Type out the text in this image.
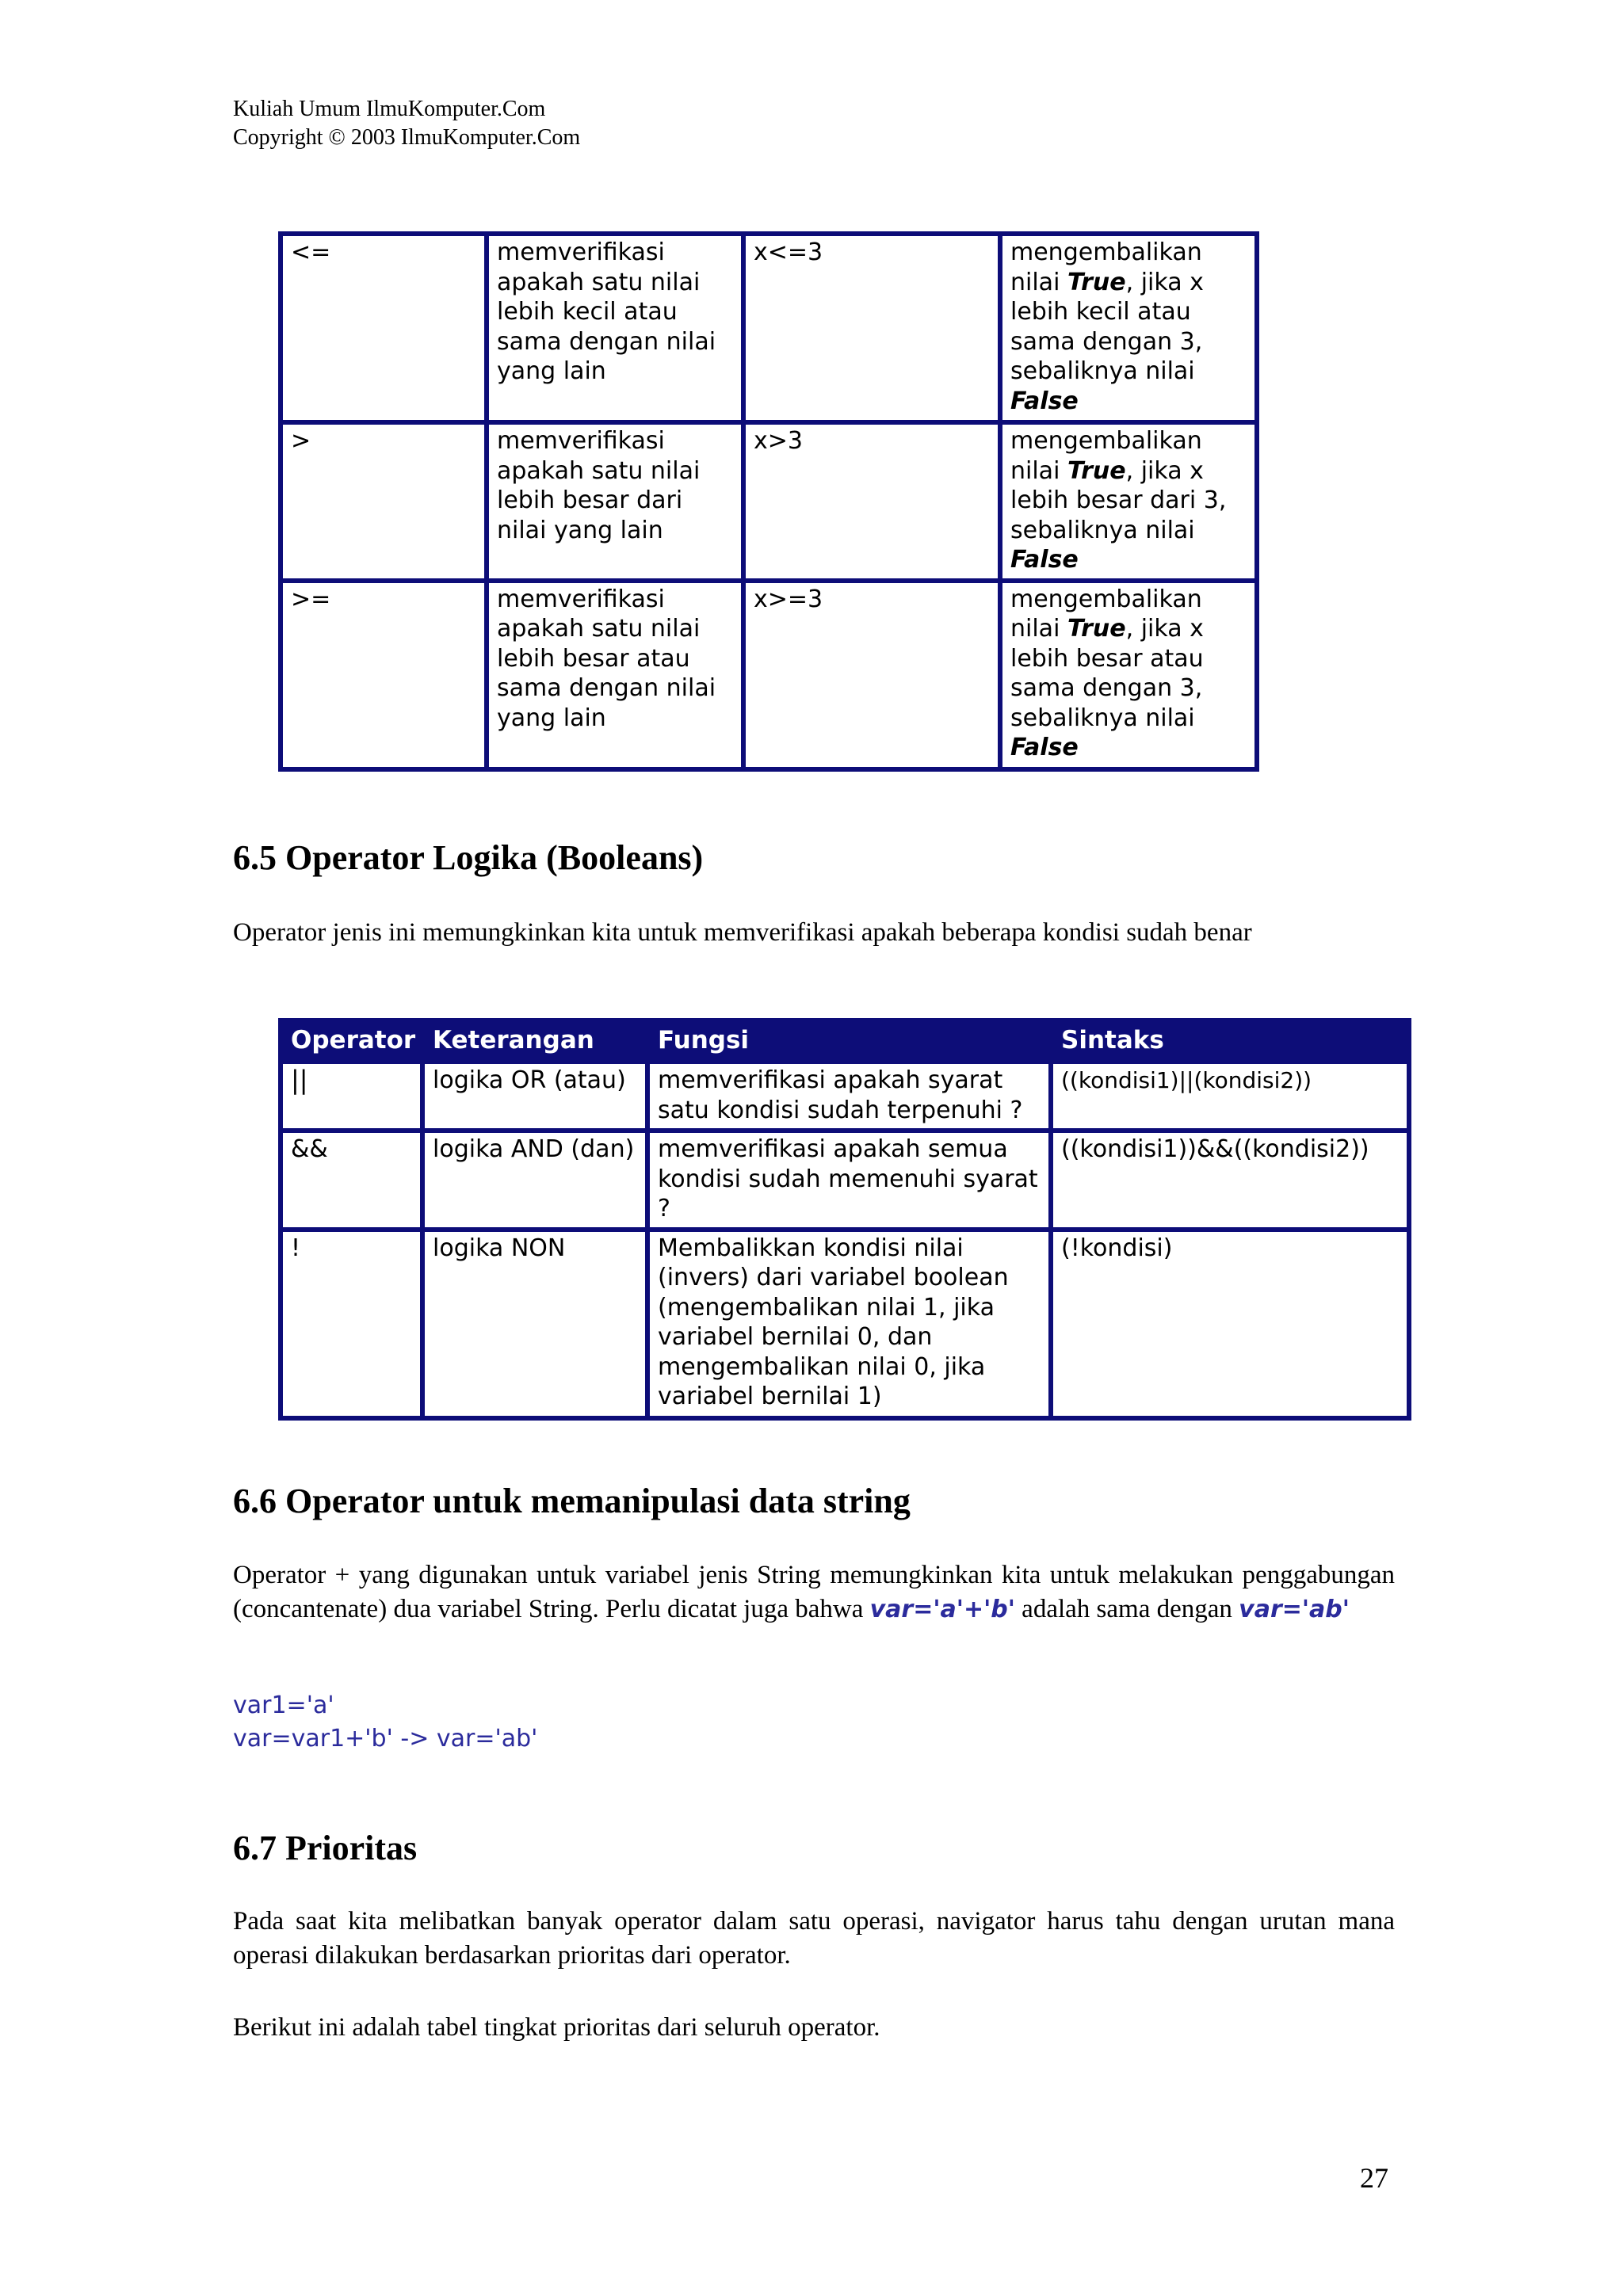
Kuliah Umum IlmuKomputer.Com
Copyright © 2003 IlmuKomputer.Com
<=	memverifikasi apakah satu nilai lebih kecil atau sama dengan nilai yang lain	x<=3	mengembalikan nilai True, jika x lebih kecil atau sama dengan 3, sebaliknya nilai False
>	memverifikasi apakah satu nilai lebih besar dari nilai yang lain	x>3	mengembalikan nilai True, jika x lebih besar dari 3, sebaliknya nilai False
>=	memverifikasi apakah satu nilai lebih besar atau sama dengan nilai yang lain	x>=3	mengembalikan nilai True, jika x lebih besar atau sama dengan 3, sebaliknya nilai False
6.5 Operator Logika (Booleans)

Operator jenis ini memungkinkan kita untuk memverifikasi apakah beberapa kondisi sudah benar

Operator	Keterangan	Fungsi	Sintaks
||	logika OR (atau)	memverifikasi apakah syarat satu kondisi sudah terpenuhi ?	((kondisi1)||(kondisi2))
&&	logika AND (dan)	memverifikasi apakah semua kondisi sudah memenuhi syarat ?	((kondisi1))&&((kondisi2))
!	logika NON	Membalikkan kondisi nilai (invers) dari variabel boolean (mengembalikan nilai 1, jika variabel bernilai 0, dan mengembalikan nilai 0, jika variabel bernilai 1)	(!kondisi)
6.6 Operator untuk memanipulasi data string

Operator + yang digunakan untuk variabel jenis String memungkinkan kita untuk melakukan penggabungan (concantenate) dua variabel String. Perlu dicatat juga bahwa var='a'+'b' adalah sama dengan var='ab'

var1='a'
var=var1+'b' -> var='ab'
6.7 Prioritas

Pada saat kita melibatkan banyak operator dalam satu operasi, navigator harus tahu dengan urutan mana operasi dilakukan berdasarkan prioritas dari operator.

Berikut ini adalah tabel tingkat prioritas dari seluruh operator.

27
